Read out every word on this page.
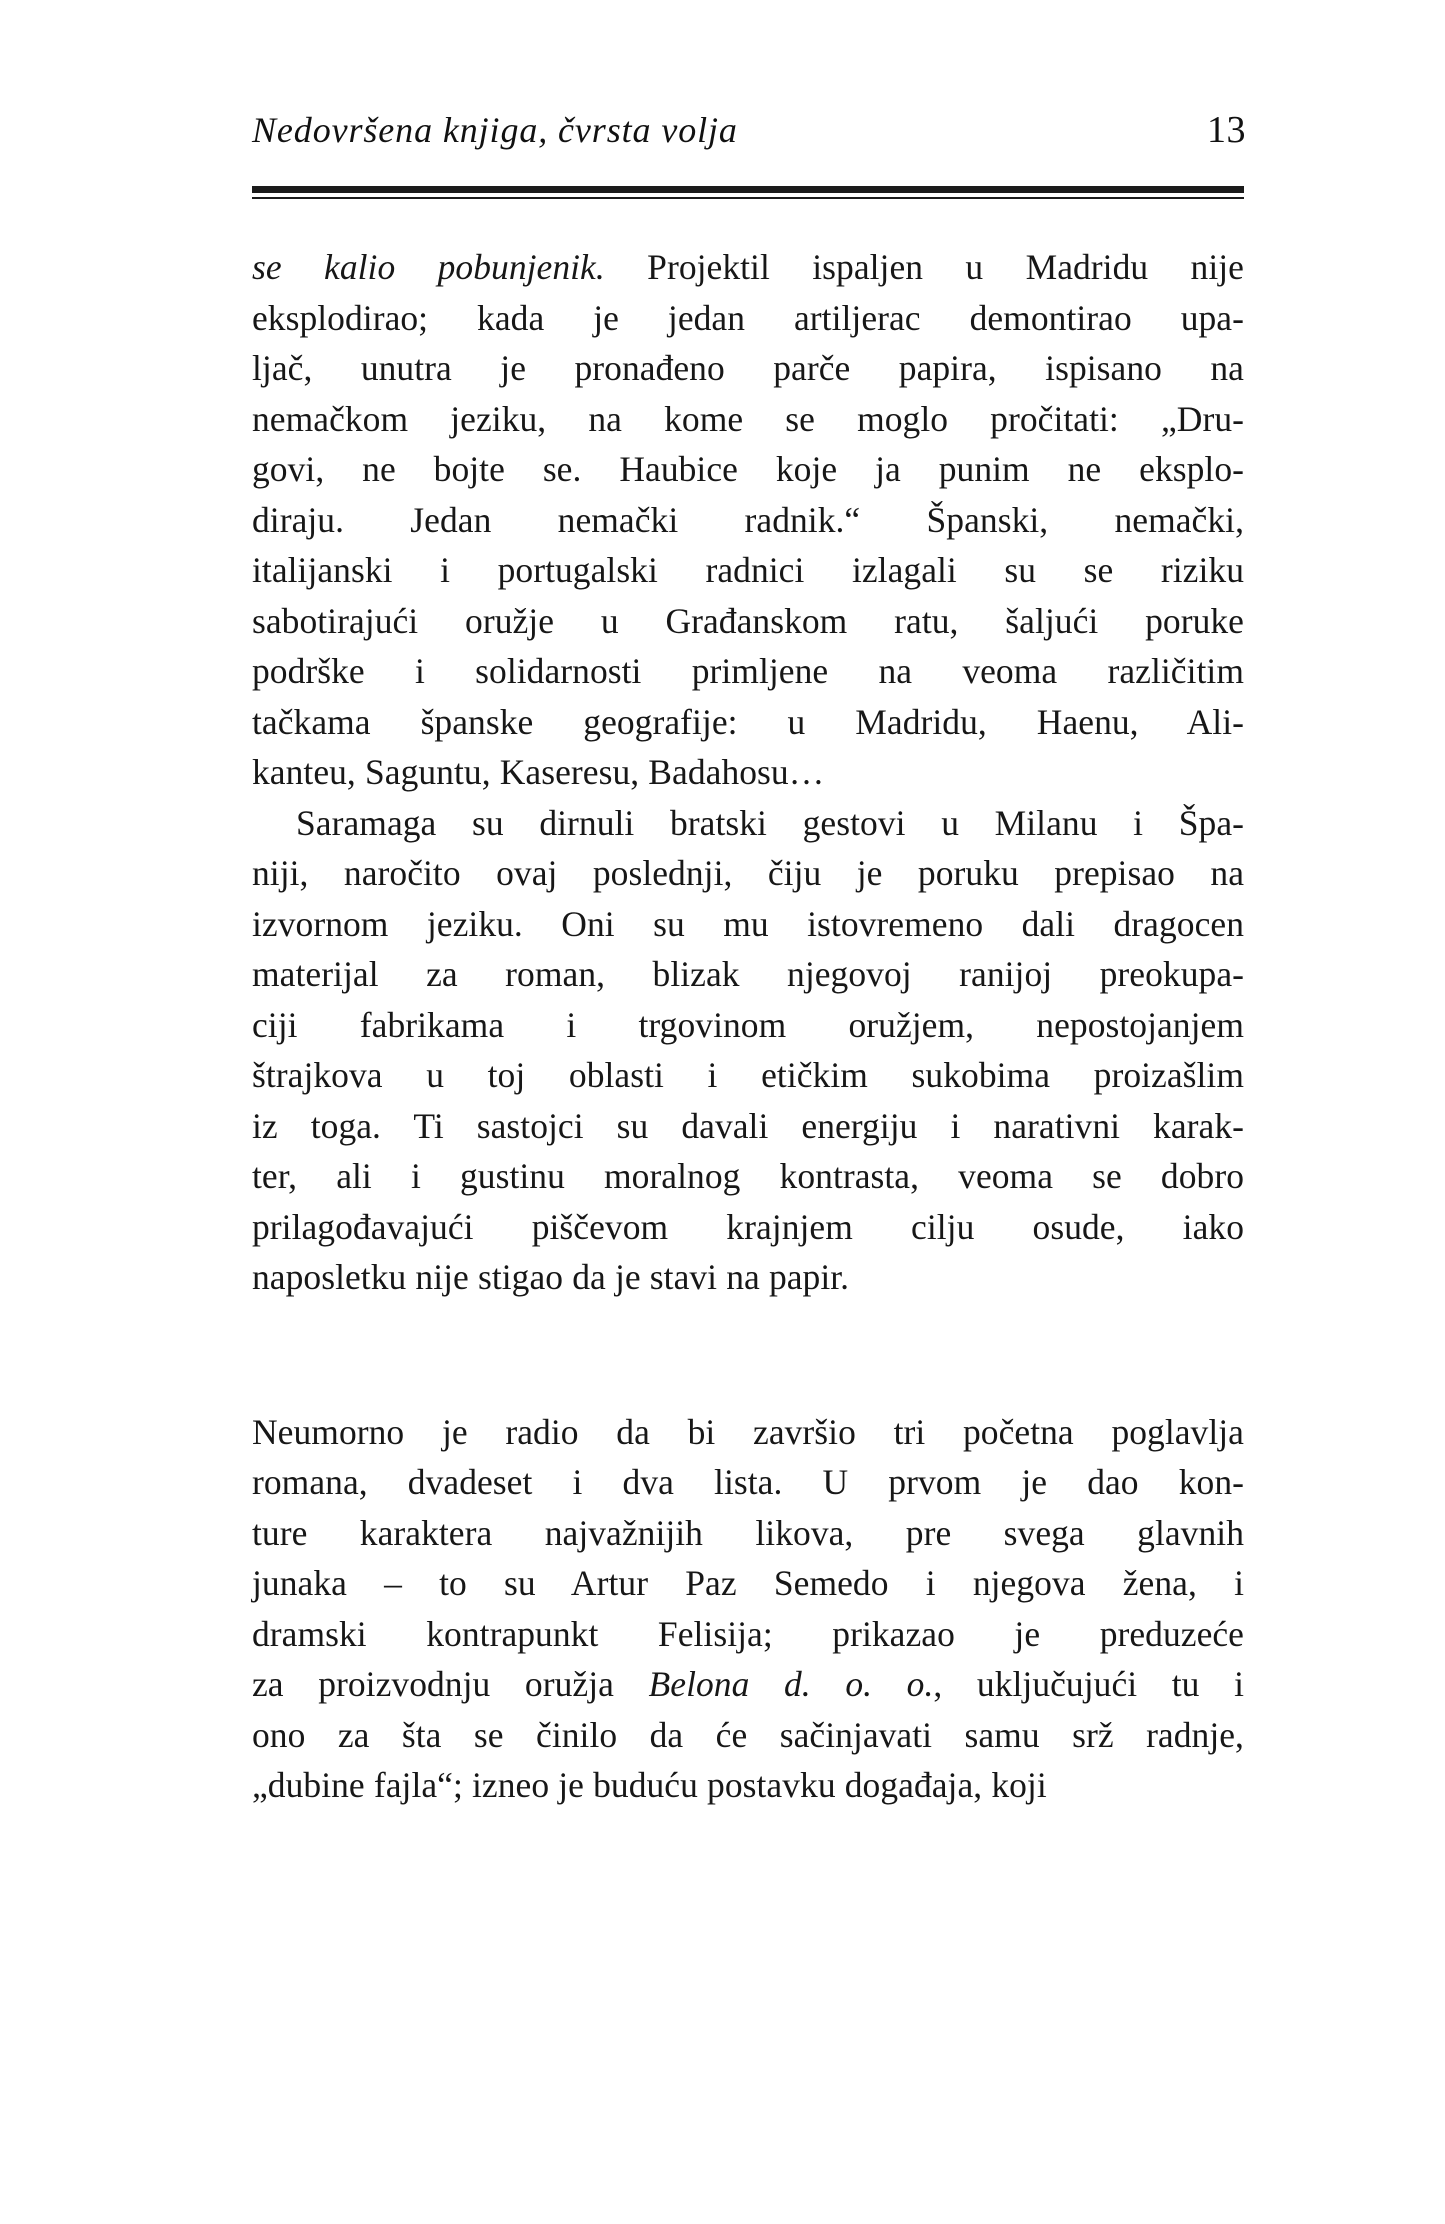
Nedovršena knjiga, čvrsta volja	13

se kalio pobunjenik. Projektil ispaljen u Madridu nije
eksplodirao; kada je jedan artiljerac demontirao upa-
ljač, unutra je pronađeno parče papira, ispisano na
nemačkom jeziku, na kome se moglo pročitati: „Dru-
govi, ne bojte se. Haubice koje ja punim ne eksplo-
diraju. Jedan nemački radnik.“ Španski, nemački,
italijanski i portugalski radnici izlagali su se riziku
sabotirajući oružje u Građanskom ratu, šaljući poruke
podrške i solidarnosti primljene na veoma različitim
tačkama španske geografije: u Madridu, Haenu, Ali-
kanteu, Saguntu, Kaseresu, Badahosu…

Saramaga su dirnuli bratski gestovi u Milanu i Špa-
niji, naročito ovaj poslednji, čiju je poruku prepisao na
izvornom jeziku. Oni su mu istovremeno dali dragocen
materijal za roman, blizak njegovoj ranijoj preokupa-
ciji fabrikama i trgovinom oružjem, nepostojanjem
štrajkova u toj oblasti i etičkim sukobima proizašlim
iz toga. Ti sastojci su davali energiju i narativni karak-
ter, ali i gustinu moralnog kontrasta, veoma se dobro
prilagođavajući piščevom krajnjem cilju osude, iako
naposletku nije stigao da je stavi na papir.

Neumorno je radio da bi završio tri početna poglavlja
romana, dvadeset i dva lista. U prvom je dao kon-
ture karaktera najvažnijih likova, pre svega glavnih
junaka – to su Artur Paz Semedo i njegova žena, i
dramski kontrapunkt Felisija; prikazao je preduzeće
za proizvodnju oružja Belona d. o. o., uključujući tu i
ono za šta se činilo da će sačinjavati samu srž radnje,
„dubine fajla“; izneo je buduću postavku događaja, koji
